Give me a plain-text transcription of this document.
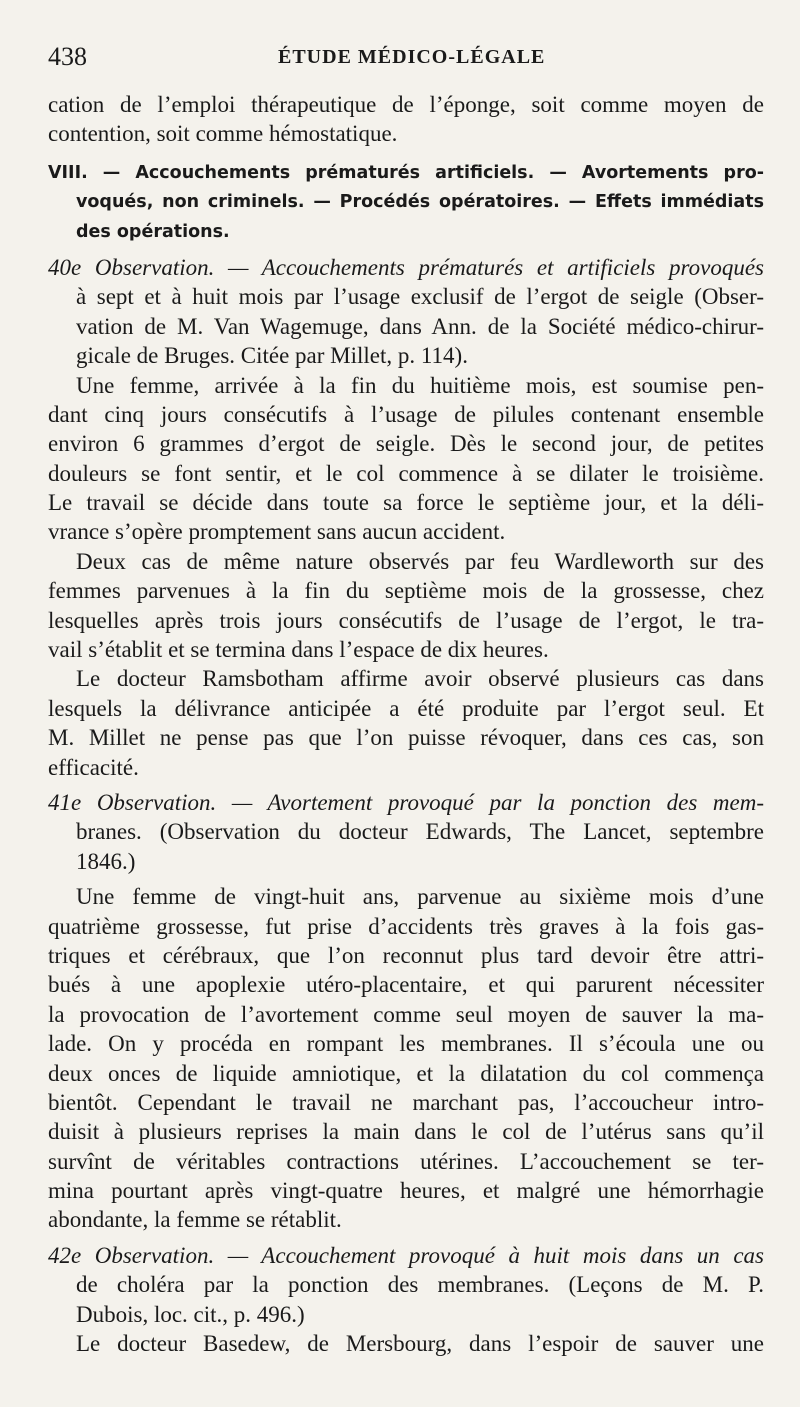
438	ÉTUDE MÉDICO-LÉGALE
cation de l’emploi thérapeutique de l’éponge, soit comme moyen de
contention, soit comme hémostatique.
VIII. — Accouchements prématurés artificiels. — Avortements pro-
voqués, non criminels. — Procédés opératoires. — Effets immédiats
des opérations.
40e Observation. — Accouchements prématurés et artificiels provoqués
à sept et à huit mois par l’usage exclusif de l’ergot de seigle (Obser-
vation de M. Van Wagemuge, dans Ann. de la Société médico-chirur-
gicale de Bruges. Citée par Millet, p. 114).
Une femme, arrivée à la fin du huitième mois, est soumise pen-
dant cinq jours consécutifs à l’usage de pilules contenant ensemble
environ 6 grammes d’ergot de seigle. Dès le second jour, de petites
douleurs se font sentir, et le col commence à se dilater le troisième.
Le travail se décide dans toute sa force le septième jour, et la déli-
vrance s’opère promptement sans aucun accident.
Deux cas de même nature observés par feu Wardleworth sur des
femmes parvenues à la fin du septième mois de la grossesse, chez
lesquelles après trois jours consécutifs de l’usage de l’ergot, le tra-
vail s’établit et se termina dans l’espace de dix heures.
Le docteur Ramsbotham affirme avoir observé plusieurs cas dans
lesquels la délivrance anticipée a été produite par l’ergot seul. Et
M. Millet ne pense pas que l’on puisse révoquer, dans ces cas, son
efficacité.
41e Observation. — Avortement provoqué par la ponction des mem-
branes. (Observation du docteur Edwards, The Lancet, septembre
1846.)
Une femme de vingt-huit ans, parvenue au sixième mois d’une
quatrième grossesse, fut prise d’accidents très graves à la fois gas-
triques et cérébraux, que l’on reconnut plus tard devoir être attri-
bués à une apoplexie utéro-placentaire, et qui parurent nécessiter
la provocation de l’avortement comme seul moyen de sauver la ma-
lade. On y procéda en rompant les membranes. Il s’écoula une ou
deux onces de liquide amniotique, et la dilatation du col commença
bientôt. Cependant le travail ne marchant pas, l’accoucheur intro-
duisit à plusieurs reprises la main dans le col de l’utérus sans qu’il
survînt de véritables contractions utérines. L’accouchement se ter-
mina pourtant après vingt-quatre heures, et malgré une hémorrhagie
abondante, la femme se rétablit.
42e Observation. — Accouchement provoqué à huit mois dans un cas
de choléra par la ponction des membranes. (Leçons de M. P.
Dubois, loc. cit., p. 496.)
Le docteur Basedew, de Mersbourg, dans l’espoir de sauver une
